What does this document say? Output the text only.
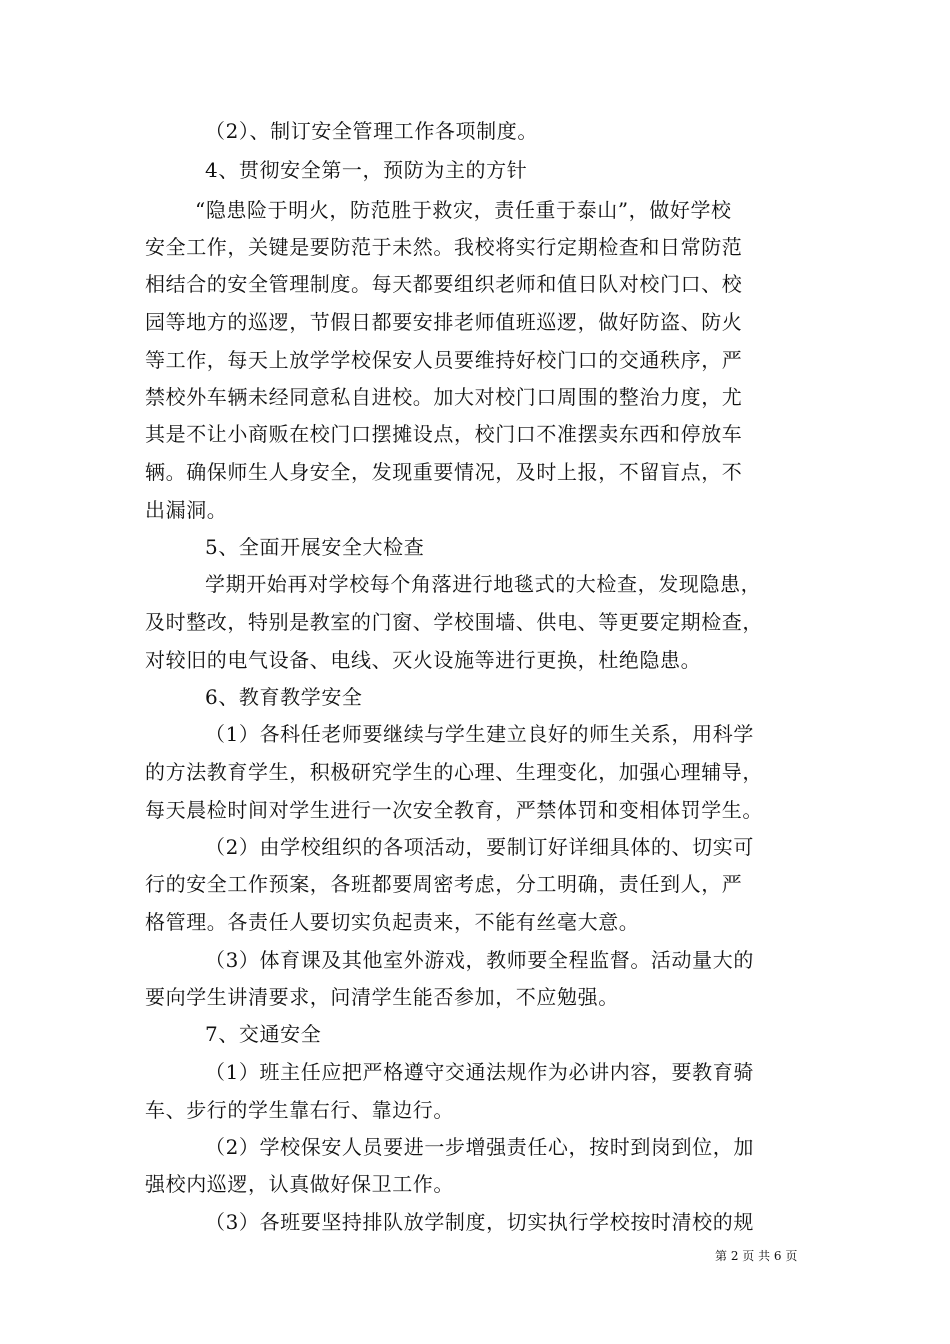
（2）、制订安全管理工作各项制度。
4、贯彻安全第一，预防为主的方针
“隐患险于明火，防范胜于救灾，责任重于泰山”，做好学校
安全工作，关键是要防范于未然。我校将实行定期检查和日常防范
相结合的安全管理制度。每天都要组织老师和值日队对校门口、校
园等地方的巡逻，节假日都要安排老师值班巡逻，做好防盗、防火
等工作，每天上放学学校保安人员要维持好校门口的交通秩序，严
禁校外车辆未经同意私自进校。加大对校门口周围的整治力度，尤
其是不让小商贩在校门口摆摊设点，校门口不准摆卖东西和停放车
辆。确保师生人身安全，发现重要情况，及时上报，不留盲点，不
出漏洞。
5、全面开展安全大检查
学期开始再对学校每个角落进行地毯式的大检查，发现隐患，
及时整改，特别是教室的门窗、学校围墙、供电、等更要定期检查，
对较旧的电气设备、电线、灭火设施等进行更换，杜绝隐患。
6、教育教学安全
（1）各科任老师要继续与学生建立良好的师生关系，用科学
的方法教育学生，积极研究学生的心理、生理变化，加强心理辅导，
每天晨检时间对学生进行一次安全教育，严禁体罚和变相体罚学生。
（2）由学校组织的各项活动，要制订好详细具体的、切实可
行的安全工作预案，各班都要周密考虑，分工明确，责任到人，严
格管理。各责任人要切实负起责来，不能有丝毫大意。
（3）体育课及其他室外游戏，教师要全程监督。活动量大的
要向学生讲清要求，问清学生能否参加，不应勉强。
7、交通安全
（1）班主任应把严格遵守交通法规作为必讲内容，要教育骑
车、步行的学生靠右行、靠边行。
（2）学校保安人员要进一步增强责任心，按时到岗到位，加
强校内巡逻，认真做好保卫工作。
（3）各班要坚持排队放学制度，切实执行学校按时清校的规
第 2 页 共 6 页
